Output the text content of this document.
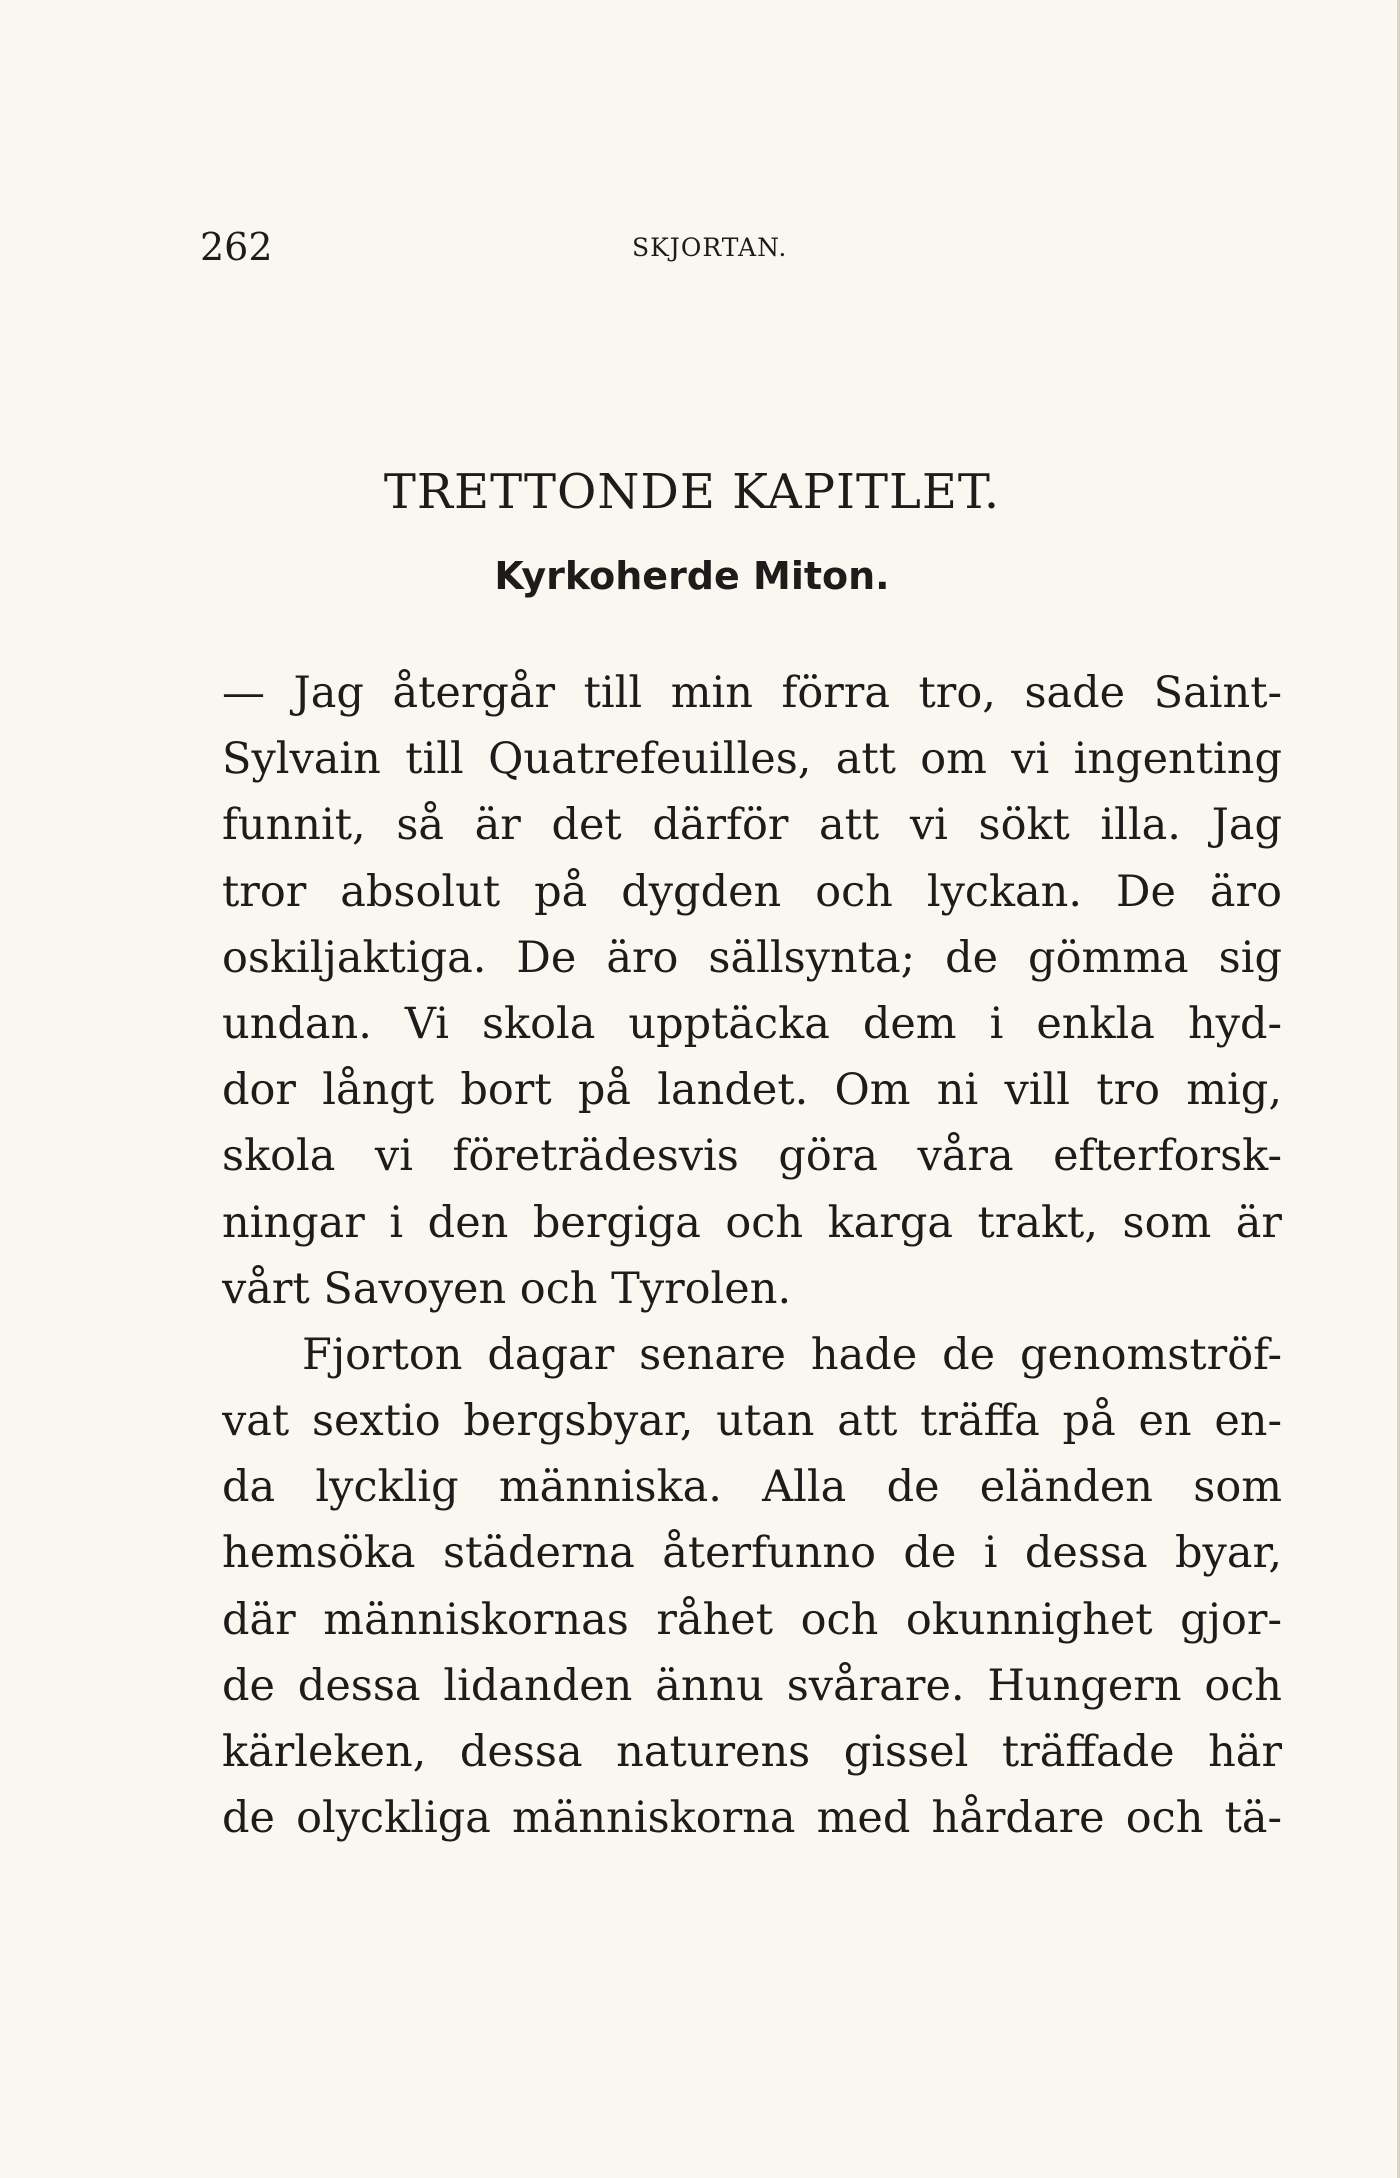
262	SKJORTAN.
TRETTONDE KAPITLET.
Kyrkoherde Miton.
— Jag återgår till min förra tro, sade Saint-
Sylvain till Quatrefeuilles, att om vi ingenting
funnit, så är det därför att vi sökt illa. Jag
tror absolut på dygden och lyckan. De äro
oskiljaktiga. De äro sällsynta; de gömma sig
undan. Vi skola upptäcka dem i enkla hyd-
dor långt bort på landet. Om ni vill tro mig,
skola vi företrädesvis göra våra efterforsk-
ningar i den bergiga och karga trakt, som är
vårt Savoyen och Tyrolen.
Fjorton dagar senare hade de genomströf-
vat sextio bergsbyar, utan att träffa på en en-
da lycklig människa. Alla de eländen som
hemsöka städerna återfunno de i dessa byar,
där människornas råhet och okunnighet gjor-
de dessa lidanden ännu svårare. Hungern och
kärleken, dessa naturens gissel träffade här
de olyckliga människorna med hårdare och tä-
